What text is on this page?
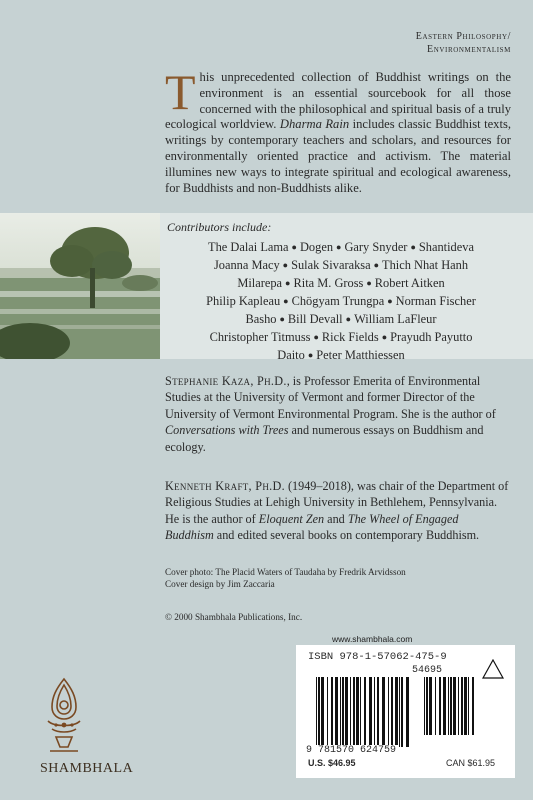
Eastern Philosophy/
Environmentalism
This unprecedented collection of Buddhist writings on the environment is an essential sourcebook for all those concerned with the philosophical and spiritual basis of a truly ecological worldview. Dharma Rain includes classic Buddhist texts, writings by contemporary teachers and scholars, and resources for environmentally oriented practice and activism. The material illumines new ways to integrate spiritual and ecological awareness, for Buddhists and non-Buddhists alike.
Contributors include:
The Dalai Lama ● Dogen ● Gary Snyder ● Shantideva
Joanna Macy ● Sulak Sivaraksa ● Thich Nhat Hanh
Milarepa ● Rita M. Gross ● Robert Aitken
Philip Kapleau ● Chögyam Trungpa ● Norman Fischer
Basho ● Bill Devall ● William LaFleur
Christopher Titmuss ● Rick Fields ● Prayudh Payutto
Daito ● Peter Matthiessen
Stephanie Kaza, Ph.D., is Professor Emerita of Environmental Studies at the University of Vermont and former Director of the University of Vermont Environmental Program. She is the author of Conversations with Trees and numerous essays on Buddhism and ecology.
Kenneth Kraft, Ph.D. (1949–2018), was chair of the Department of Religious Studies at Lehigh University in Bethlehem, Pennsylvania. He is the author of Eloquent Zen and The Wheel of Engaged Buddhism and edited several books on contemporary Buddhism.
Cover photo: The Placid Waters of Taudaha by Fredrik Arvidsson
Cover design by Jim Zaccaria
© 2000 Shambhala Publications, Inc.
www.shambhala.com
ISBN 978-1-57062-475-9
54695
9 781570 624759
U.S. $46.95	CAN $61.95
SHAMBHALA
